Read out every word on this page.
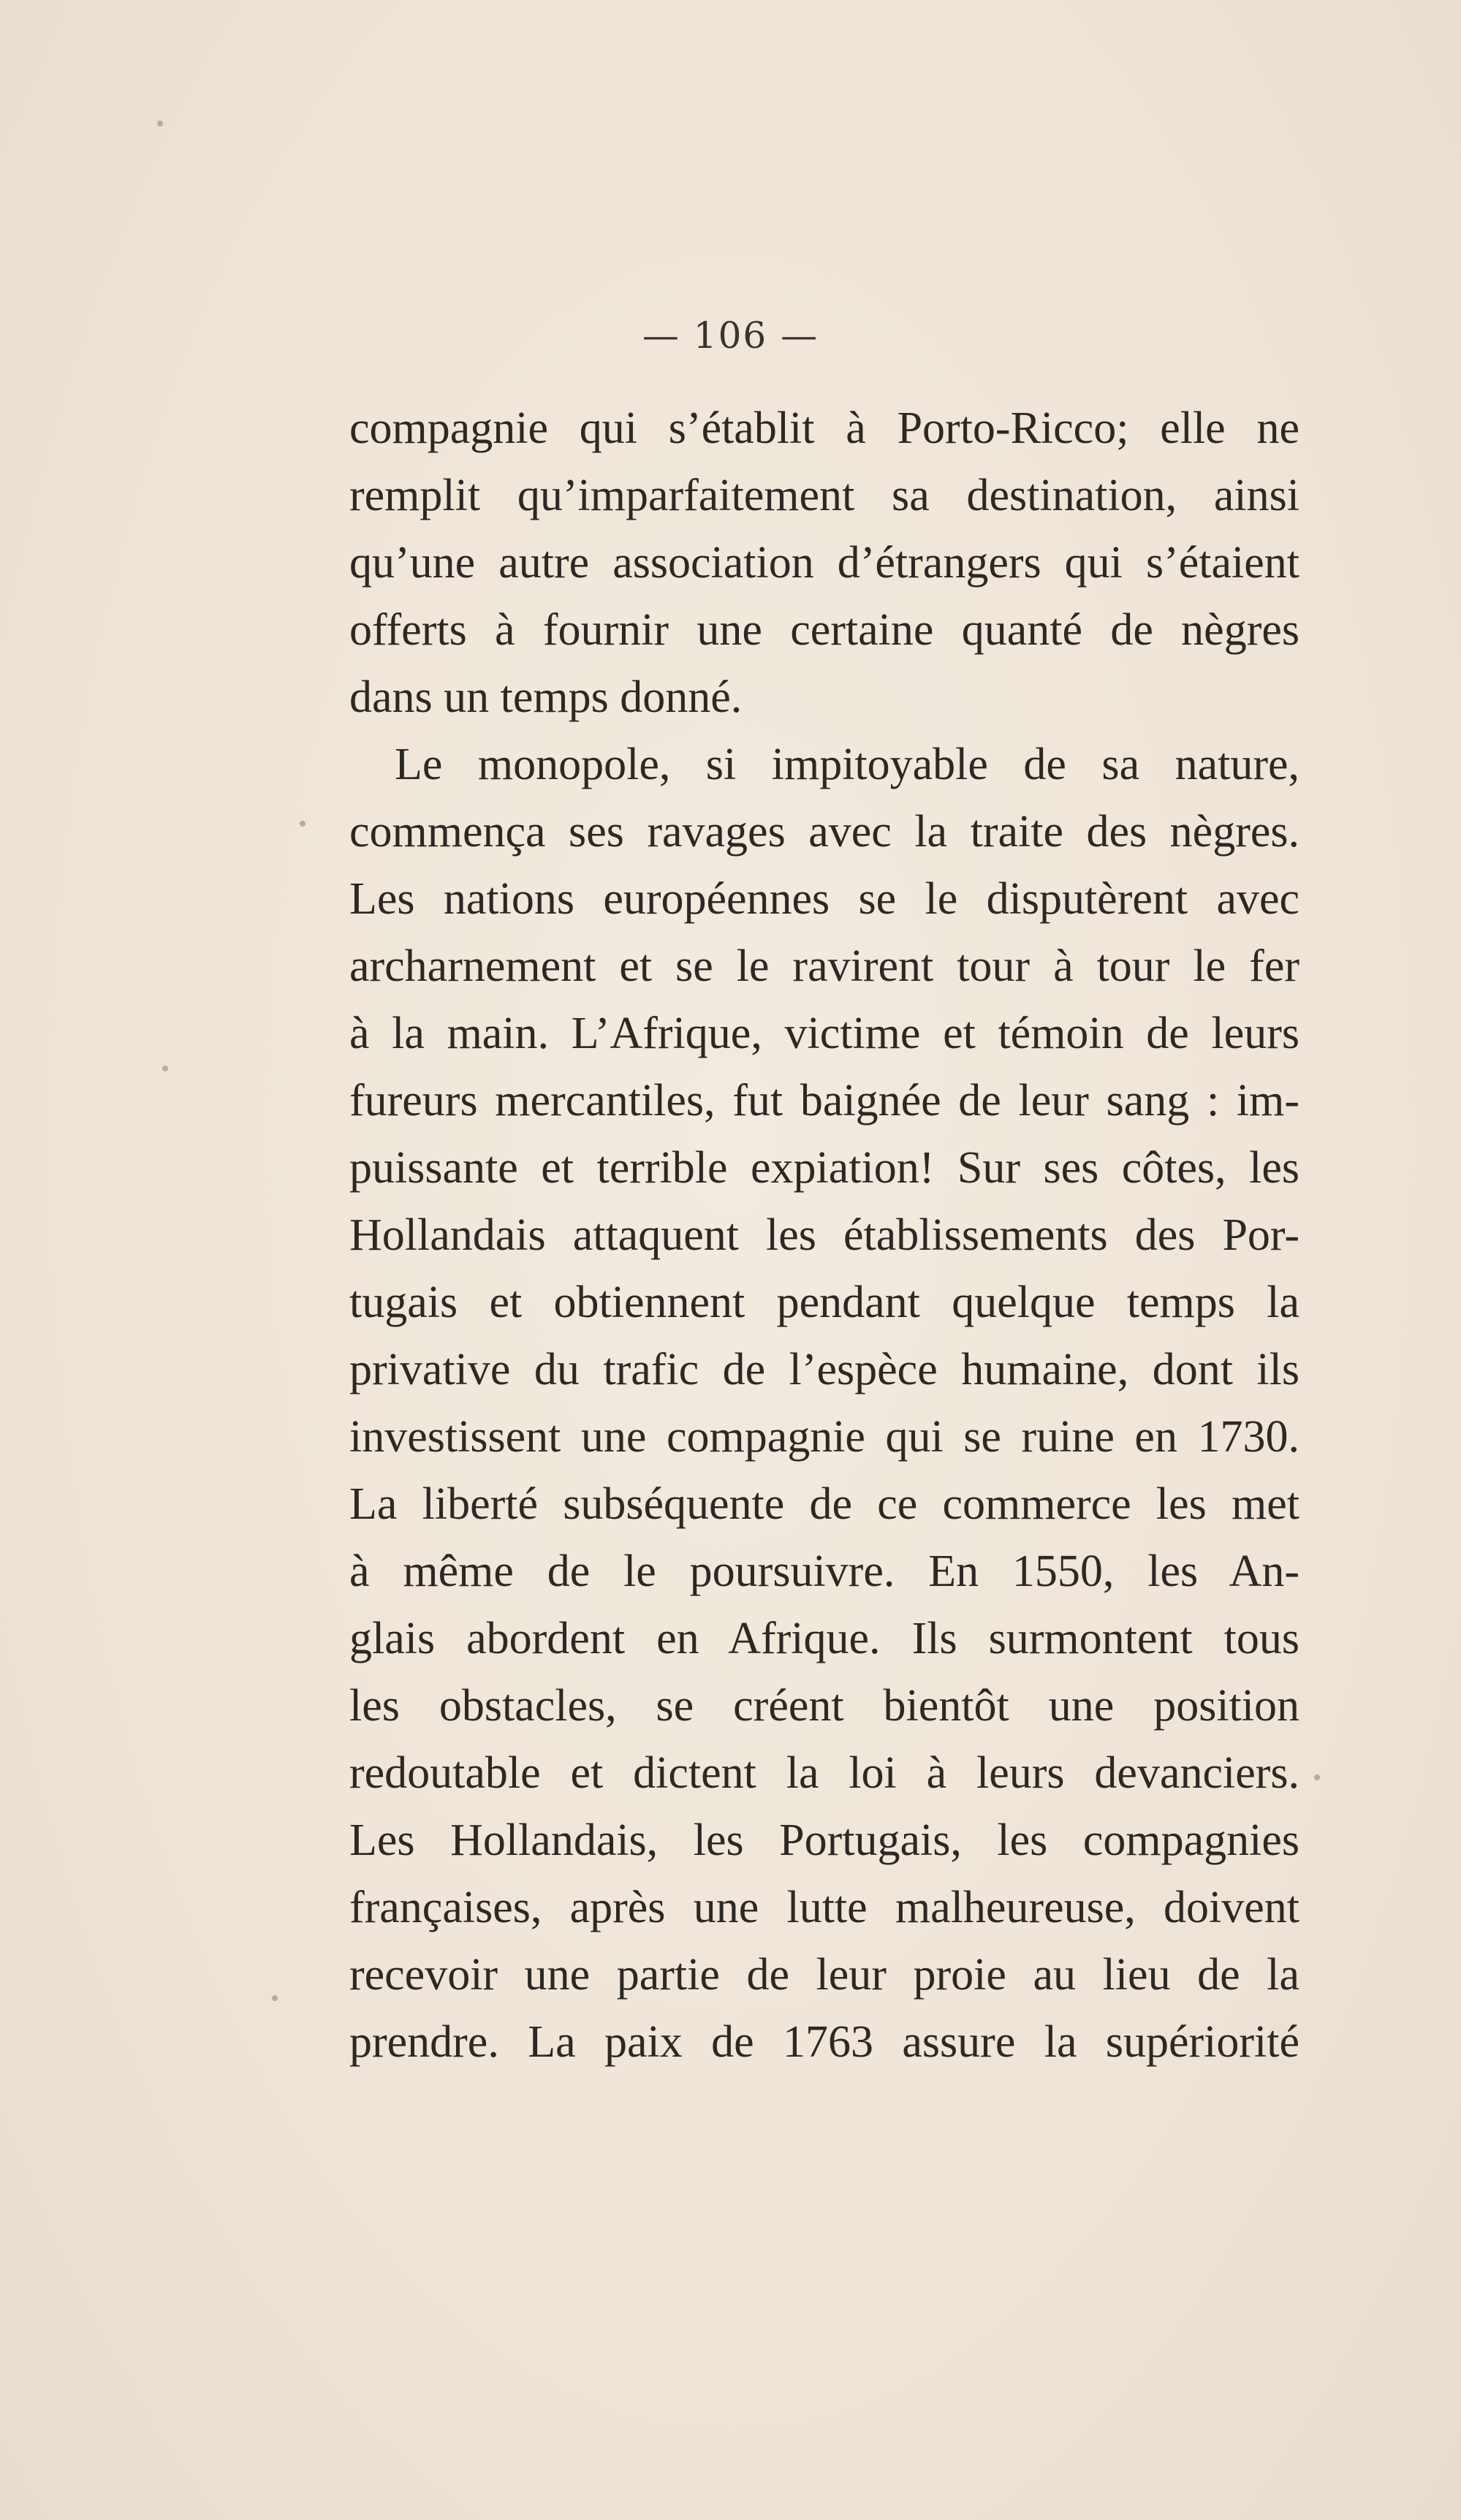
— 106 —
compagnie qui s’établit à Porto-Ricco; elle ne
remplit qu’imparfaitement sa destination, ainsi
qu’une autre association d’étrangers qui s’étaient
offerts à fournir une certaine quanté de nègres
dans un temps donné.
Le monopole, si impitoyable de sa nature,
commença ses ravages avec la traite des nègres.
Les nations européennes se le disputèrent avec
archarnement et se le ravirent tour à tour le fer
à la main. L’Afrique, victime et témoin de leurs
fureurs mercantiles, fut baignée de leur sang : im-
puissante et terrible expiation! Sur ses côtes, les
Hollandais attaquent les établissements des Por-
tugais et obtiennent pendant quelque temps la
privative du trafic de l’espèce humaine, dont ils
investissent une compagnie qui se ruine en 1730.
La liberté subséquente de ce commerce les met
à même de le poursuivre. En 1550, les An-
glais abordent en Afrique. Ils surmontent tous
les obstacles, se créent bientôt une position
redoutable et dictent la loi à leurs devanciers.
Les Hollandais, les Portugais, les compagnies
françaises, après une lutte malheureuse, doivent
recevoir une partie de leur proie au lieu de la
prendre. La paix de 1763 assure la supériorité
